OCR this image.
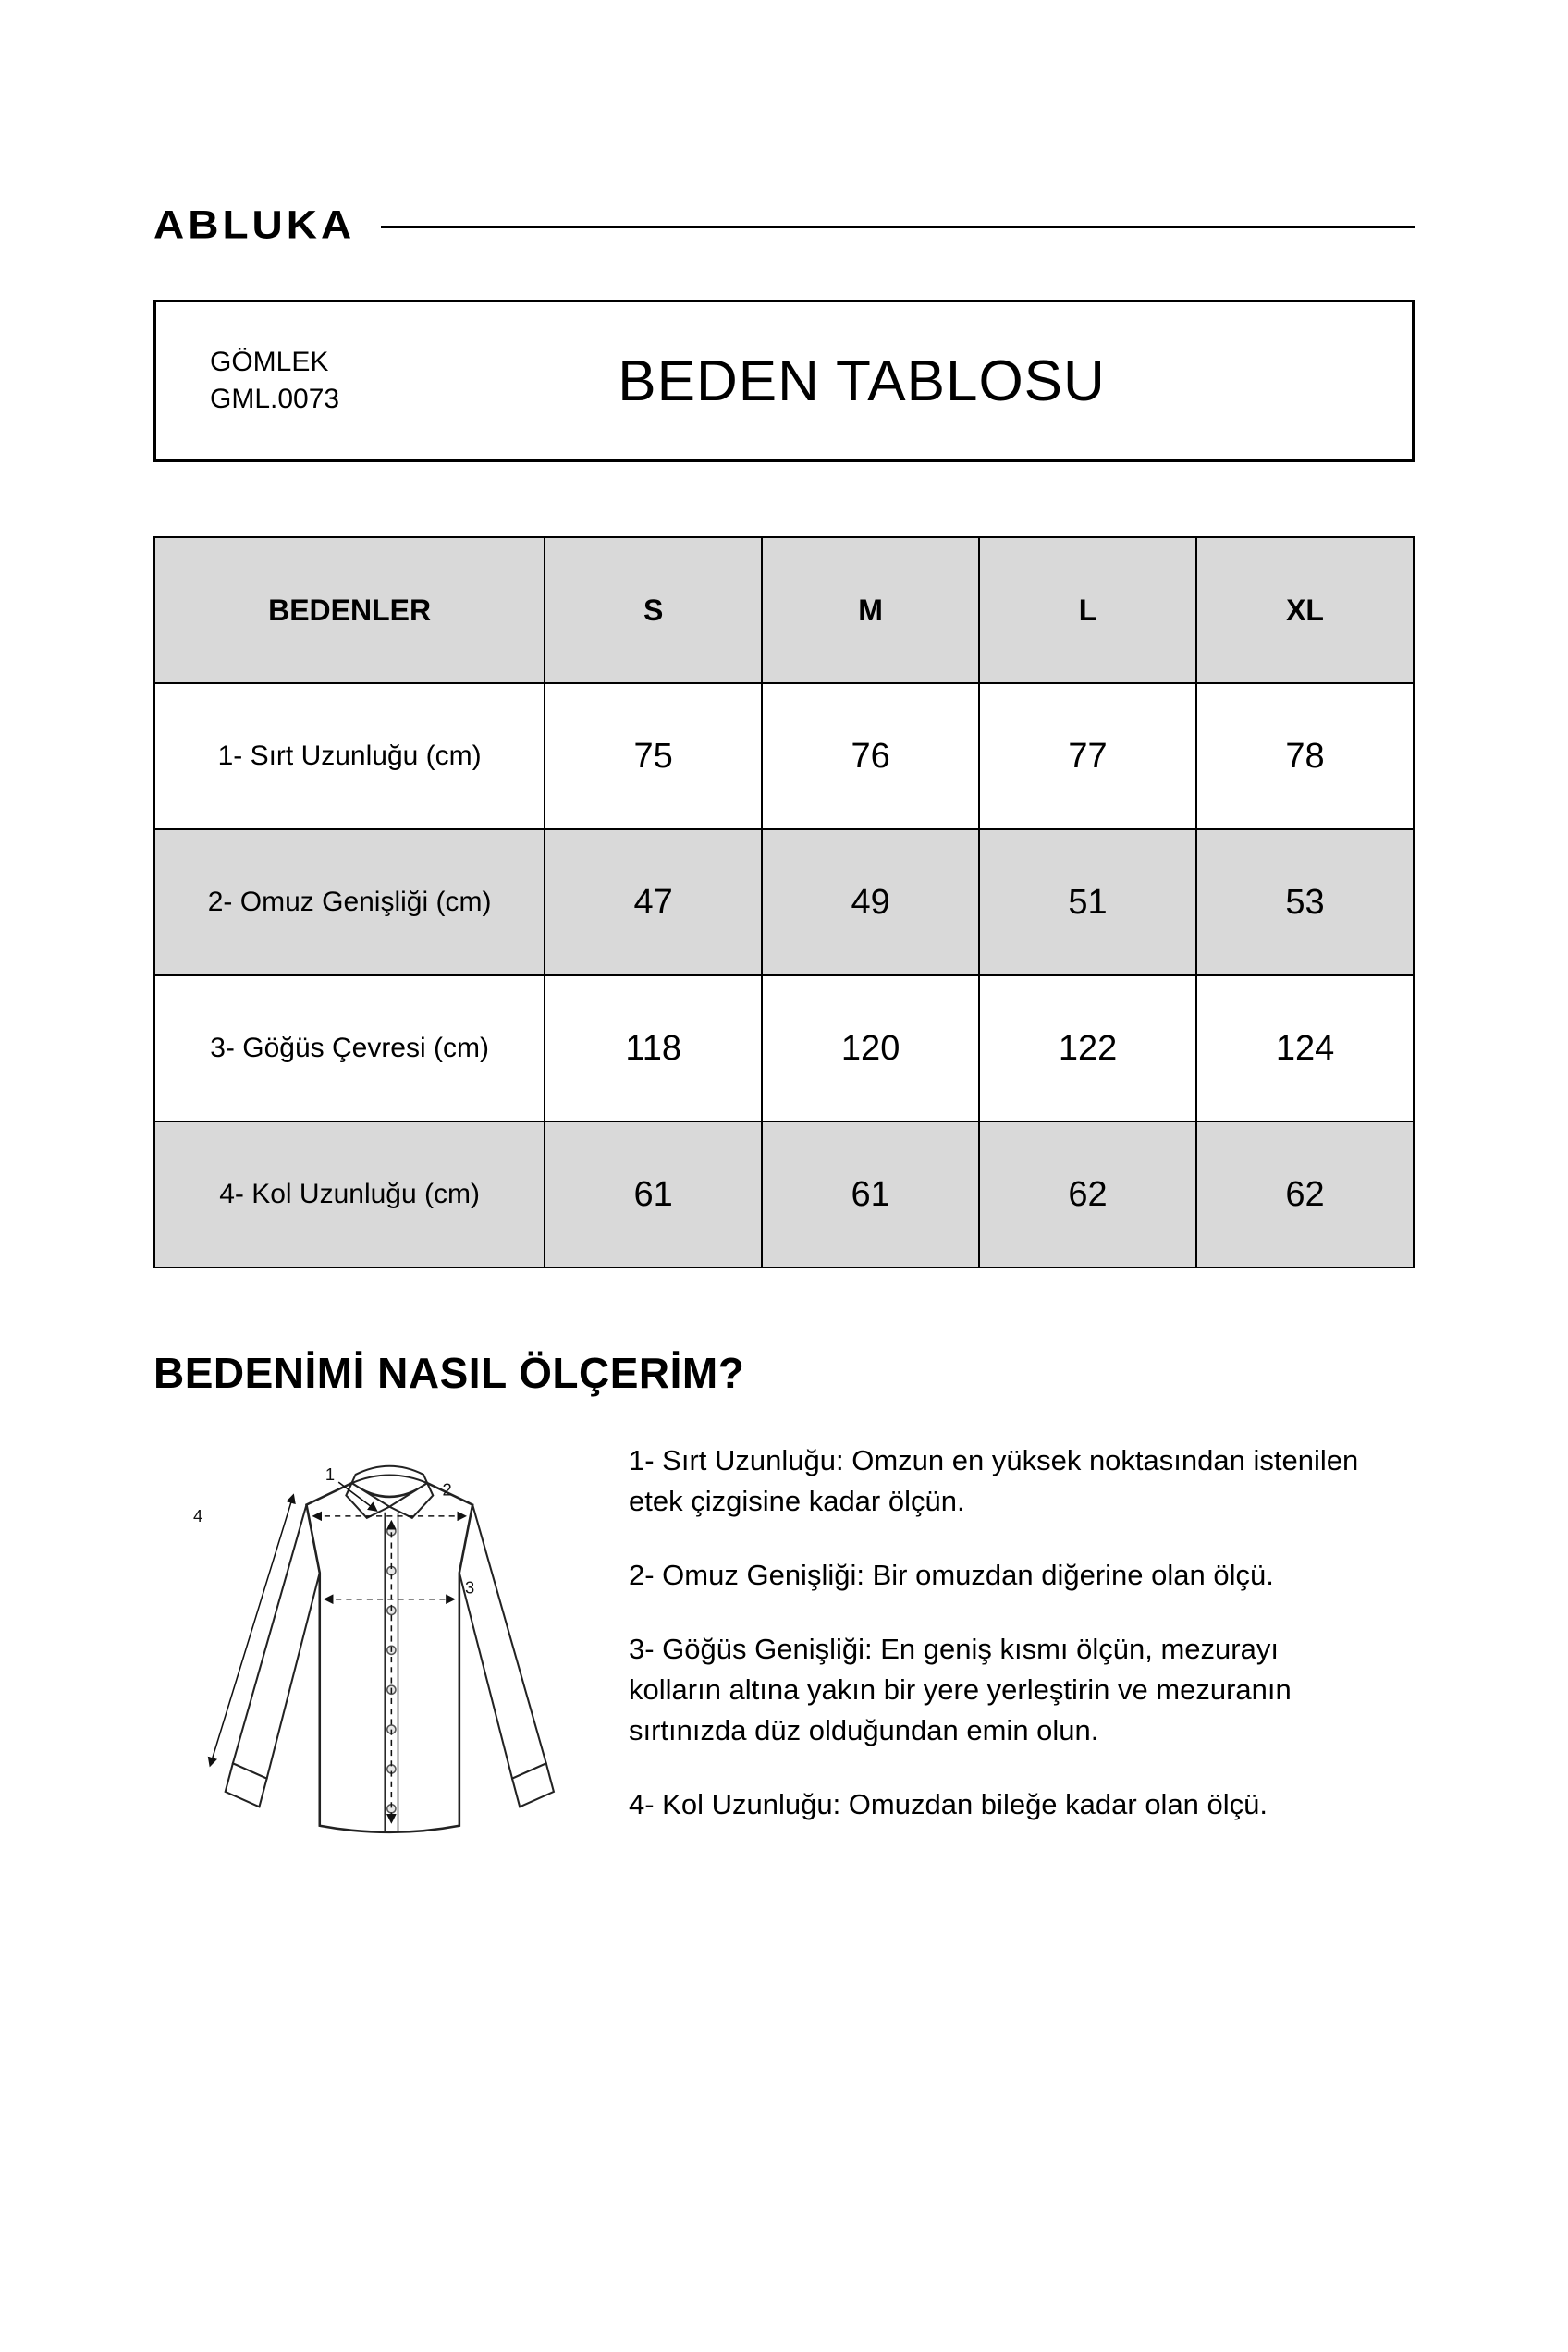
ABLUKA
GÖMLEK
GML.0073	BEDEN TABLOSU
BEDENLER	S	M	L	XL
1- Sırt Uzunluğu (cm)	75	76	77	78
2- Omuz Genişliği (cm)	47	49	51	53
3- Göğüs Çevresi (cm)	118	120	122	124
4- Kol Uzunluğu (cm)	61	61	62	62
BEDENİMİ NASIL ÖLÇERİM?
1
2
3
4

1- Sırt Uzunluğu: Omzun en yüksek noktasından istenilen etek çizgisine kadar ölçün.

2- Omuz Genişliği: Bir omuzdan diğerine olan ölçü.

3- Göğüs Genişliği: En geniş kısmı ölçün, mezurayı kolların altına yakın bir yere yerleştirin ve mezuranın sırtınızda düz olduğundan emin olun.

4- Kol Uzunluğu: Omuzdan bileğe kadar olan ölçü.
